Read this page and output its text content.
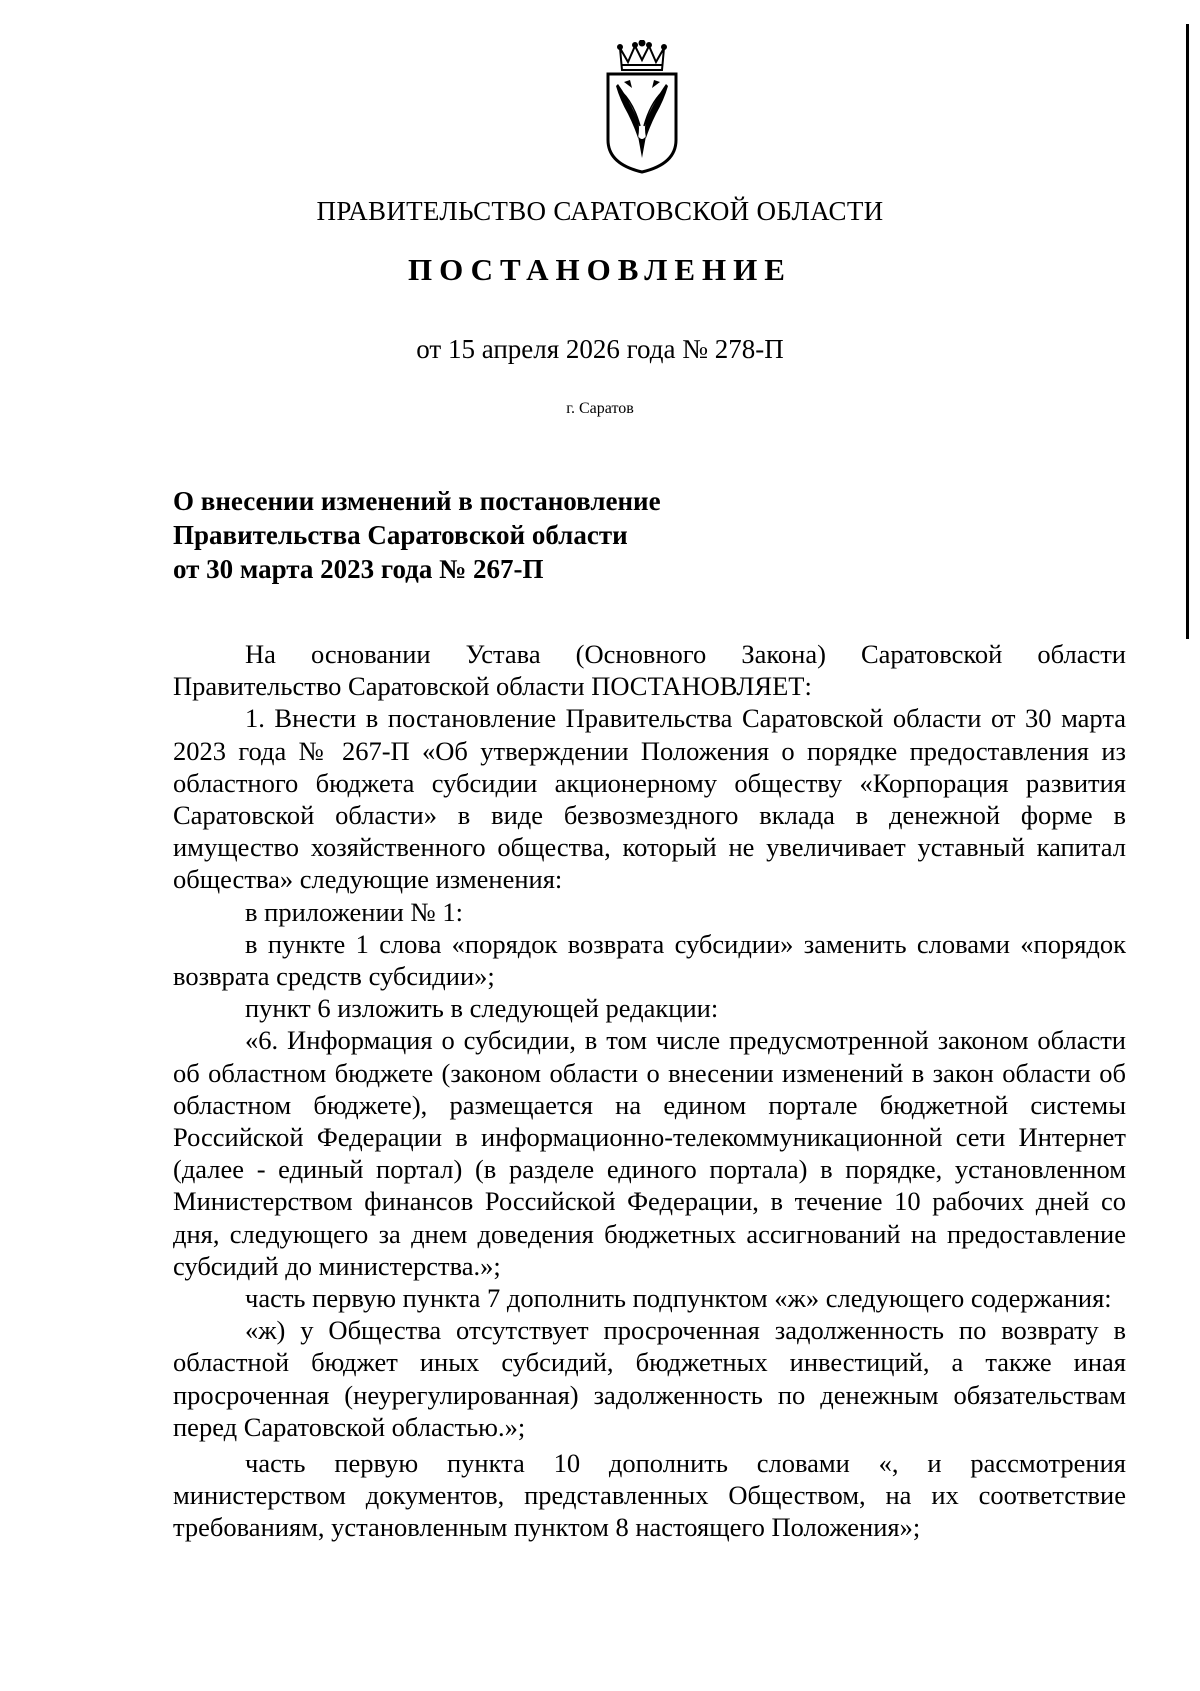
ПРАВИТЕЛЬСТВО САРАТОВСКОЙ ОБЛАСТИ
ПОСТАНОВЛЕНИЕ
от 15 апреля 2026 года № 278-П
г. Саратов
О внесении изменений в постановление
Правительства Саратовской области
от 30 марта 2023 года № 267-П

На основании Устава (Основного Закона) Саратовской области Правительство Саратовской области ПОСТАНОВЛЯЕТ:

1. Внести в постановление Правительства Саратовской области от 30 марта 2023 года № 267-П «Об утверждении Положения о порядке предоставления из областного бюджета субсидии акционерному обществу «Корпорация развития Саратовской области» в виде безвозмездного вклада в денежной форме в имущество хозяйственного общества, который не увеличивает уставный капитал общества» следующие изменения:

в приложении № 1:

в пункте 1 слова «порядок возврата субсидии» заменить словами «порядок возврата средств субсидии»;

пункт 6 изложить в следующей редакции:

«6. Информация о субсидии, в том числе предусмотренной законом области об областном бюджете (законом области о внесении изменений в закон области об областном бюджете), размещается на едином портале бюджетной системы Российской Федерации в информационно-телекоммуникационной сети Интернет (далее - единый портал) (в разделе единого портала) в порядке, установленном Министерством финансов Российской Федерации, в течение 10 рабочих дней со дня, следующего за днем доведения бюджетных ассигнований на предоставление субсидий до министерства.»;

часть первую пункта 7 дополнить подпунктом «ж» следующего содержания:

«ж) у Общества отсутствует просроченная задолженность по возврату в областной бюджет иных субсидий, бюджетных инвестиций, а также иная просроченная (неурегулированная) задолженность по денежным обязательствам перед Саратовской областью.»;

часть первую пункта 10 дополнить словами «, и рассмотрения министерством документов, представленных Обществом, на их соответствие требованиям, установленным пунктом 8 настоящего Положения»;
